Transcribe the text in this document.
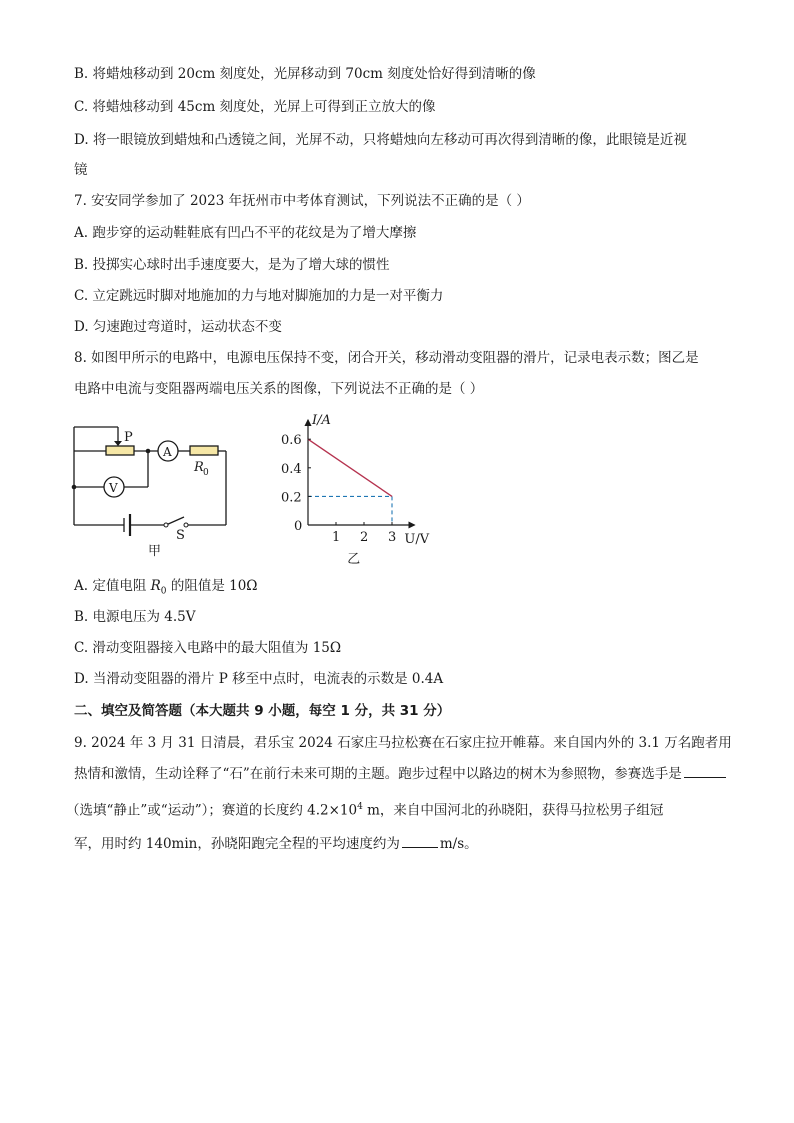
B. 将蜡烛移动到 20cm 刻度处，光屏移动到 70cm 刻度处恰好得到清晰的像
C. 将蜡烛移动到 45cm 刻度处，光屏上可得到正立放大的像
D. 将一眼镜放到蜡烛和凸透镜之间，光屏不动，只将蜡烛向左移动可再次得到清晰的像，此眼镜是近视
镜
7. 安安同学参加了 2023 年抚州市中考体育测试，下列说法不正确的是（ ）
A. 跑步穿的运动鞋鞋底有凹凸不平的花纹是为了增大摩擦
B. 投掷实心球时出手速度要大，是为了增大球的惯性
C. 立定跳远时脚对地施加的力与地对脚施加的力是一对平衡力
D. 匀速跑过弯道时，运动状态不变
8. 如图甲所示的电路中，电源电压保持不变，闭合开关，移动滑动变阻器的滑片，记录电表示数；图乙是
电路中电流与变阻器两端电压关系的图像，下列说法不正确的是（ ）
P
A
V
R 0
S
甲
1 2 3
0.2
0.4
0.6
I/A
U/V
0
乙
A. 定值电阻 $R_0$ 的阻值是 10Ω
B. 电源电压为 4.5V
C. 滑动变阻器接入电路中的最大阻值为 15Ω
D. 当滑动变阻器的滑片 P 移至中点时，电流表的示数是 0.4A
二、填空及简答题（本大题共 9 小题，每空 1 分，共 31 分）
9. 2024 年 3 月 31 日清晨，君乐宝 2024 石家庄马拉松赛在石家庄拉开帷幕。来自国内外的 3.1 万名跑者用
热情和激情，生动诠释了“石”在前行未来可期的主题。跑步过程中以路边的树木为参照物，参赛选手是
（选填“静止”或“运动”）；赛道的长度约 $4.2\times 10^4$ m，来自中国河北的孙晓阳，获得马拉松男子组冠
军，用时约 140min，孙晓阳跑完全程的平均速度约为	m/s。
